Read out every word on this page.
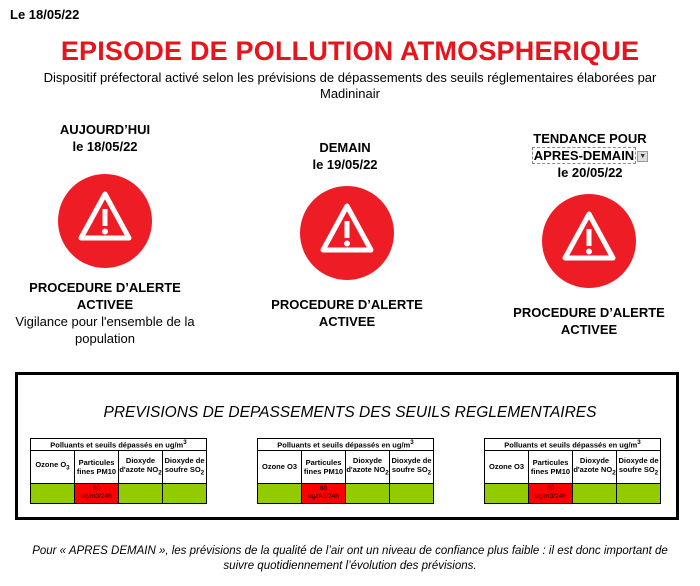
Le 18/05/22
EPISODE DE POLLUTION ATMOSPHERIQUE
Dispositif préfectoral activé selon les prévisions de dépassements des seuils réglementaires élaborées par Madininair
AUJOURD’HUI
le 18/05/22
PROCEDURE D’ALERTE ACTIVEE
Vigilance pour l'ensemble de la population
DEMAIN
le 19/05/22
PROCEDURE D’ALERTE ACTIVEE
TENDANCE POUR
APRES-DEMAIN ▼
le 20/05/22
PROCEDURE D’ALERTE ACTIVEE
PREVISIONS DE DEPASSEMENTS DES SEUILS REGLEMENTAIRES
Polluants et seuils dépassés en $ug/m^3$
Ozone $O_3$	Particules fines PM10	Dioxyde d'azote $NO_2$	Dioxyde de soufre $SO_2$
	80
ug/m3/24h		
Polluants et seuils dépassés en $ug/m^3$
Ozone O3	Particules fines PM10	Dioxyde d'azote $NO_2$	Dioxyde de soufre $SO_2$
	80
ug/m3/24h		
Polluants et seuils dépassés en $ug/m^3$
Ozone O3	Particules fines PM10	Dioxyde d'azote $NO_2$	Dioxyde de soufre $SO_2$
	80
ug/m3/24h		
Pour « APRES DEMAIN », les prévisions de la qualité de l’air ont un niveau de confiance plus faible : il est donc important de suivre quotidiennement l’évolution des prévisions.
